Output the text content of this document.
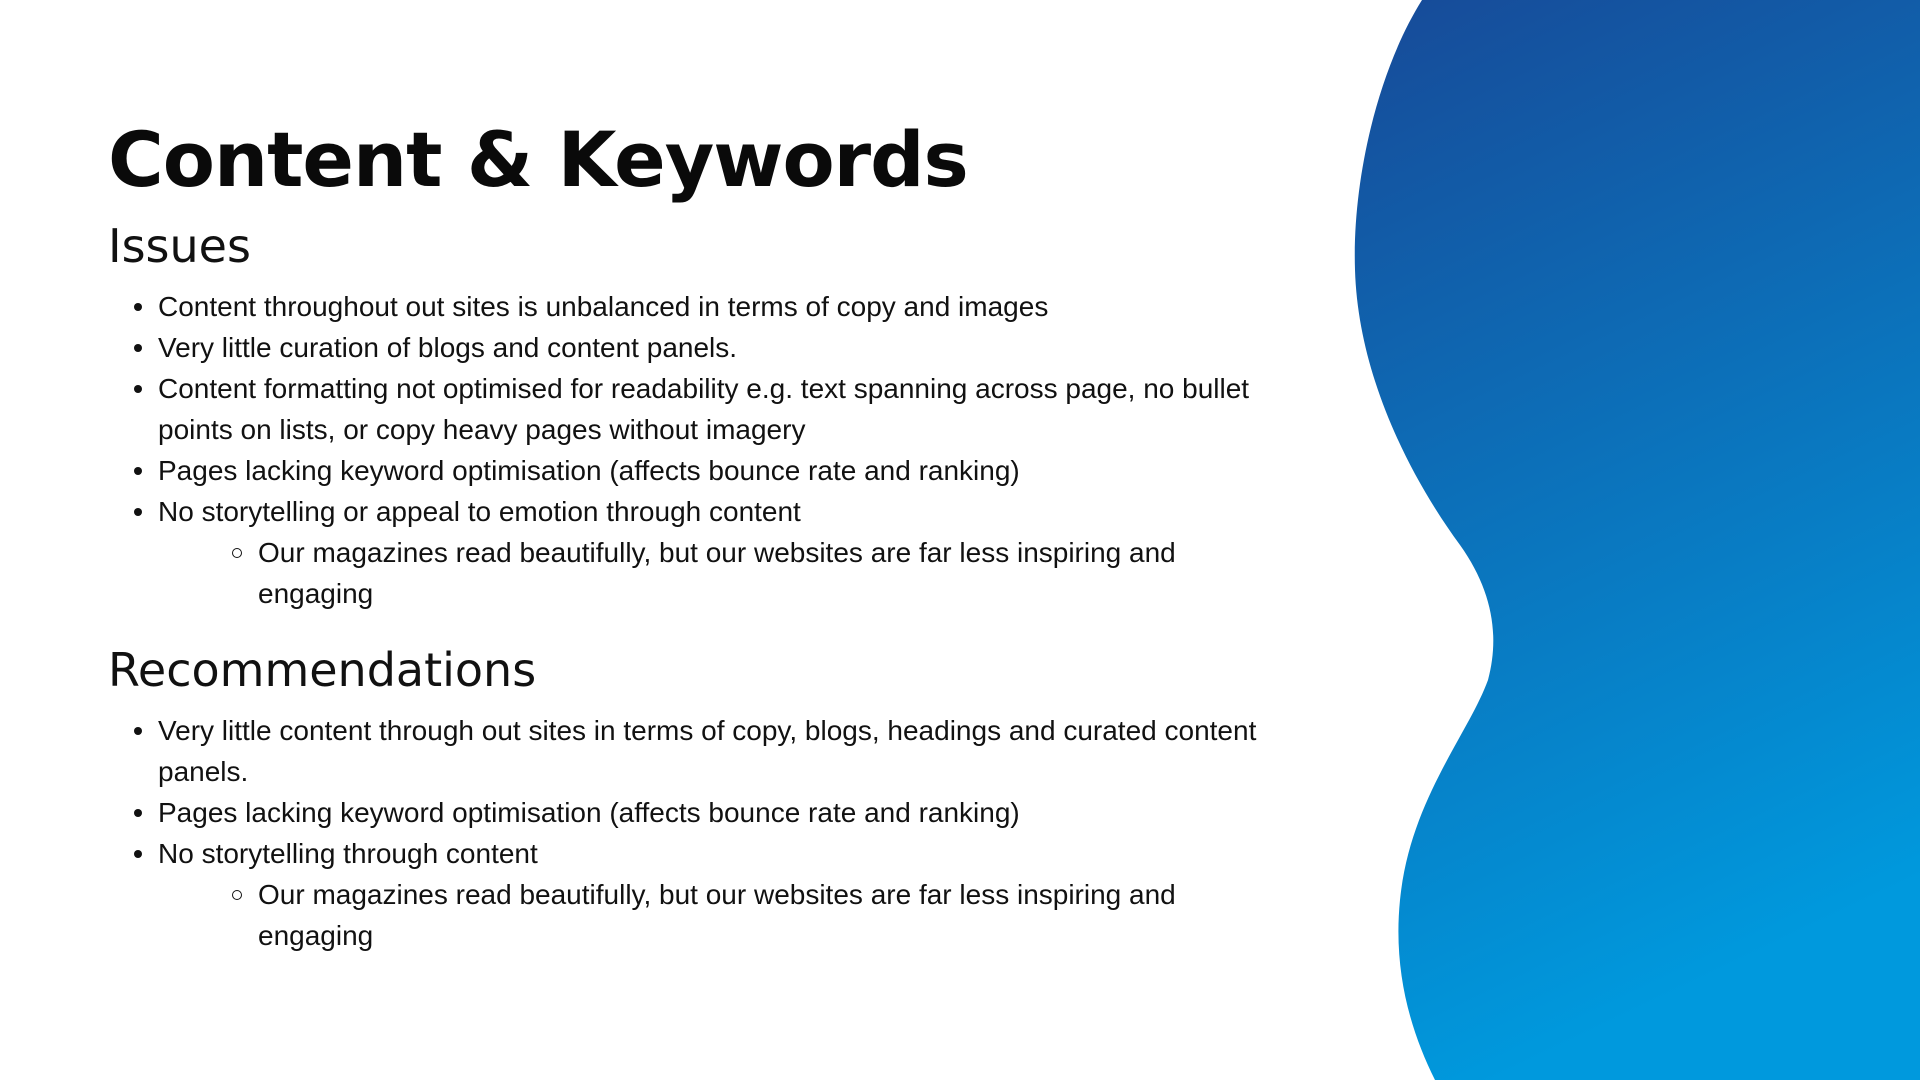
Content & Keywords
Issues
Content throughout out sites is unbalanced in terms of copy and images
Very little curation of blogs and content panels.
Content formatting not optimised for readability e.g. text spanning across page, no bullet points on lists, or copy heavy pages without imagery
Pages lacking keyword optimisation (affects bounce rate and ranking)
No storytelling or appeal to emotion through content
Our magazines read beautifully, but our websites are far less inspiring and engaging
Recommendations
Very little content through out sites in terms of copy, blogs, headings and curated content panels.
Pages lacking keyword optimisation (affects bounce rate and ranking)
No storytelling through content
Our magazines read beautifully, but our websites are far less inspiring and engaging
